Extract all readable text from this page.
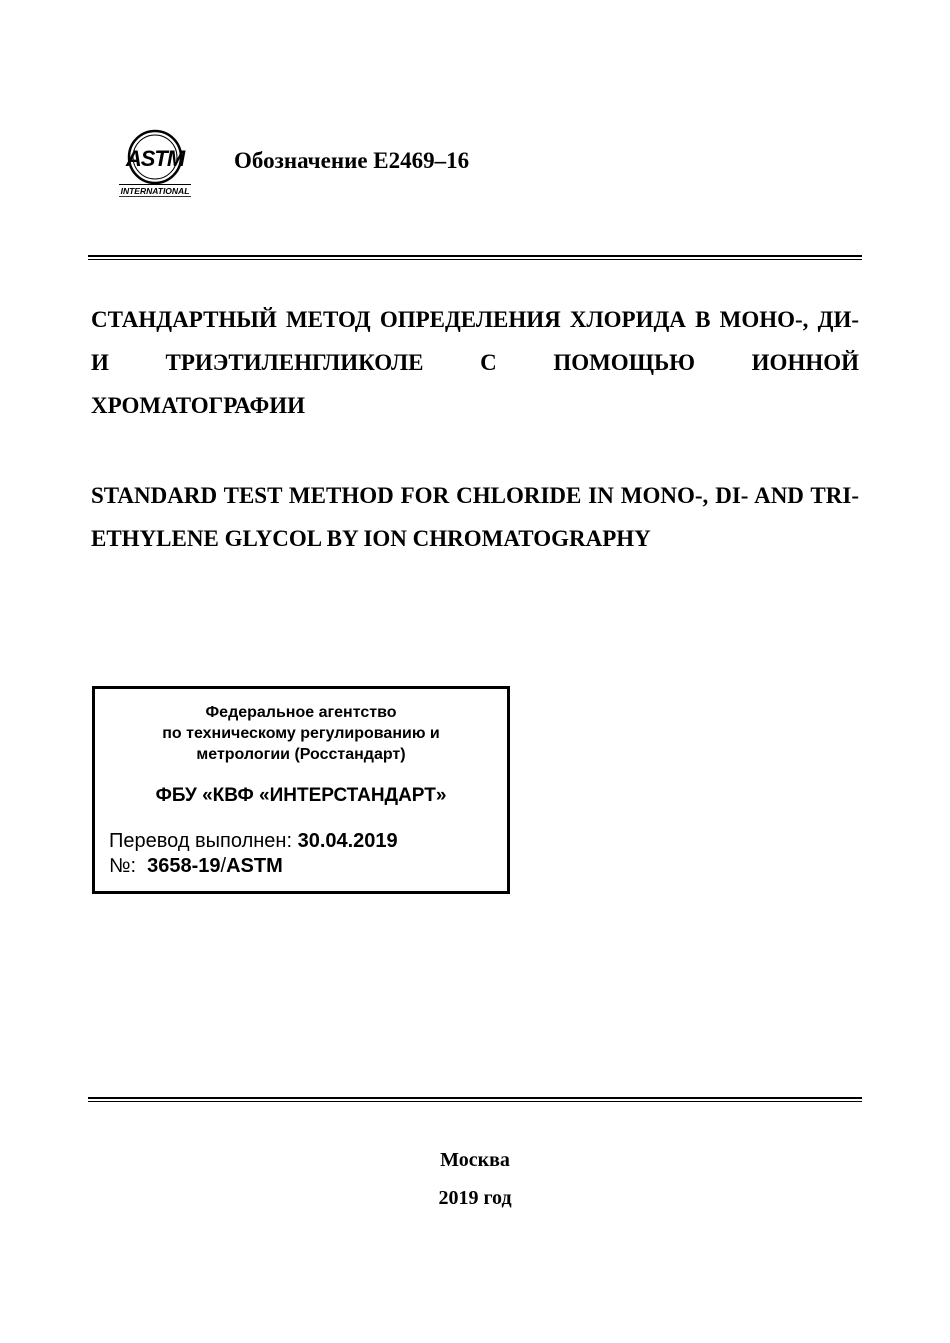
ASTM
INTERNATIONAL
Обозначение E2469–16
СТАНДАРТНЫЙ МЕТОД ОПРЕДЕЛЕНИЯ ХЛОРИДА В МОНО-, ДИ- И ТРИЭТИЛЕНГЛИКОЛЕ С ПОМОЩЬЮ ИОННОЙ ХРОМАТОГРАФИИ
STANDARD TEST METHOD FOR CHLORIDE IN MONO-, DI- AND TRI-ETHYLENE GLYCOL BY ION CHROMATOGRAPHY
Федеральное агентство
по техническому регулированию и
метрологии (Росстандарт)
ФБУ «КВФ «ИНТЕРСТАНДАРТ»
Перевод выполнен: 30.04.2019
№: 3658-19/ASTM
Москва
2019 год
